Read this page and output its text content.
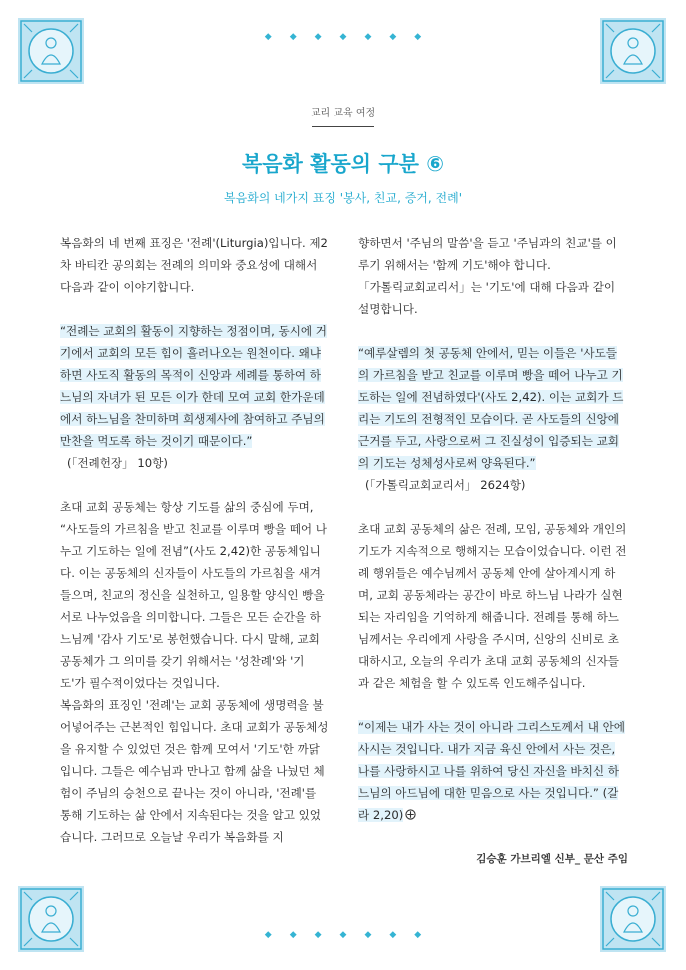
◆ ◆ ◆ ◆ ◆ ◆ ◆
◆ ◆ ◆ ◆ ◆ ◆ ◆
교리 교육 여정
복음화 활동의 구분 ⑥
복음화의 네가지 표징 '봉사, 친교, 증거, 전례'

복음화의 네 번째 표징은 '전례'(Liturgia)입니다. 제2차 바티칸 공의회는 전례의 의미와 중요성에 대해서 다음과 같이 이야기합니다.

“전례는 교회의 활동이 지향하는 정점이며, 동시에 거기에서 교회의 모든 힘이 흘러나오는 원천이다. 왜냐하면 사도직 활동의 목적이 신앙과 세례를 통하여 하느님의 자녀가 된 모든 이가 한데 모여 교회 한가운데에서 하느님을 찬미하며 희생제사에 참여하고 주님의 만찬을 먹도록 하는 것이기 때문이다.”

(「전례헌장」 10항)

초대 교회 공동체는 항상 기도를 삶의 중심에 두며, “사도들의 가르침을 받고 친교를 이루며 빵을 떼어 나누고 기도하는 일에 전념”(사도 2,42)한 공동체입니다. 이는 공동체의 신자들이 사도들의 가르침을 새겨들으며, 친교의 정신을 실천하고, 일용할 양식인 빵을 서로 나누었음을 의미합니다. 그들은 모든 순간을 하느님께 '감사 기도'로 봉헌했습니다. 다시 말해, 교회 공동체가 그 의미를 갖기 위해서는 '성찬례'와 '기도'가 필수적이었다는 것입니다.

복음화의 표징인 '전례'는 교회 공동체에 생명력을 불어넣어주는 근본적인 힘입니다. 초대 교회가 공동체성을 유지할 수 있었던 것은 함께 모여서 '기도'한 까닭입니다. 그들은 예수님과 만나고 함께 삶을 나눴던 체험이 주님의 승천으로 끝나는 것이 아니라, '전례'를 통해 기도하는 삶 안에서 지속된다는 것을 알고 있었습니다. 그러므로 오늘날 우리가 복음화를 지

향하면서 '주님의 말씀'을 듣고 '주님과의 친교'를 이루기 위해서는 '함께 기도'해야 합니다.

「가톨릭교회교리서」는 '기도'에 대해 다음과 같이 설명합니다.

“예루살렘의 첫 공동체 안에서, 믿는 이들은 '사도들의 가르침을 받고 친교를 이루며 빵을 떼어 나누고 기도하는 일에 전념하였다'(사도 2,42). 이는 교회가 드리는 기도의 전형적인 모습이다. 곧 사도들의 신앙에 근거를 두고, 사랑으로써 그 진실성이 입증되는 교회의 기도는 성체성사로써 양육된다.”

(「가톨릭교회교리서」 2624항)

초대 교회 공동체의 삶은 전례, 모임, 공동체와 개인의 기도가 지속적으로 행해지는 모습이었습니다. 이런 전례 행위들은 예수님께서 공동체 안에 살아계시게 하며, 교회 공동체라는 공간이 바로 하느님 나라가 실현되는 자리임을 기억하게 해줍니다. 전례를 통해 하느님께서는 우리에게 사랑을 주시며, 신앙의 신비로 초대하시고, 오늘의 우리가 초대 교회 공동체의 신자들과 같은 체험을 할 수 있도록 인도해주십니다.

“이제는 내가 사는 것이 아니라 그리스도께서 내 안에 사시는 것입니다. 내가 지금 육신 안에서 사는 것은, 나를 사랑하시고 나를 위하여 당신 자신을 바치신 하느님의 아드님에 대한 믿음으로 사는 것입니다.” (갈라 2,20)

김승훈 가브리엘 신부_ 문산 주임
